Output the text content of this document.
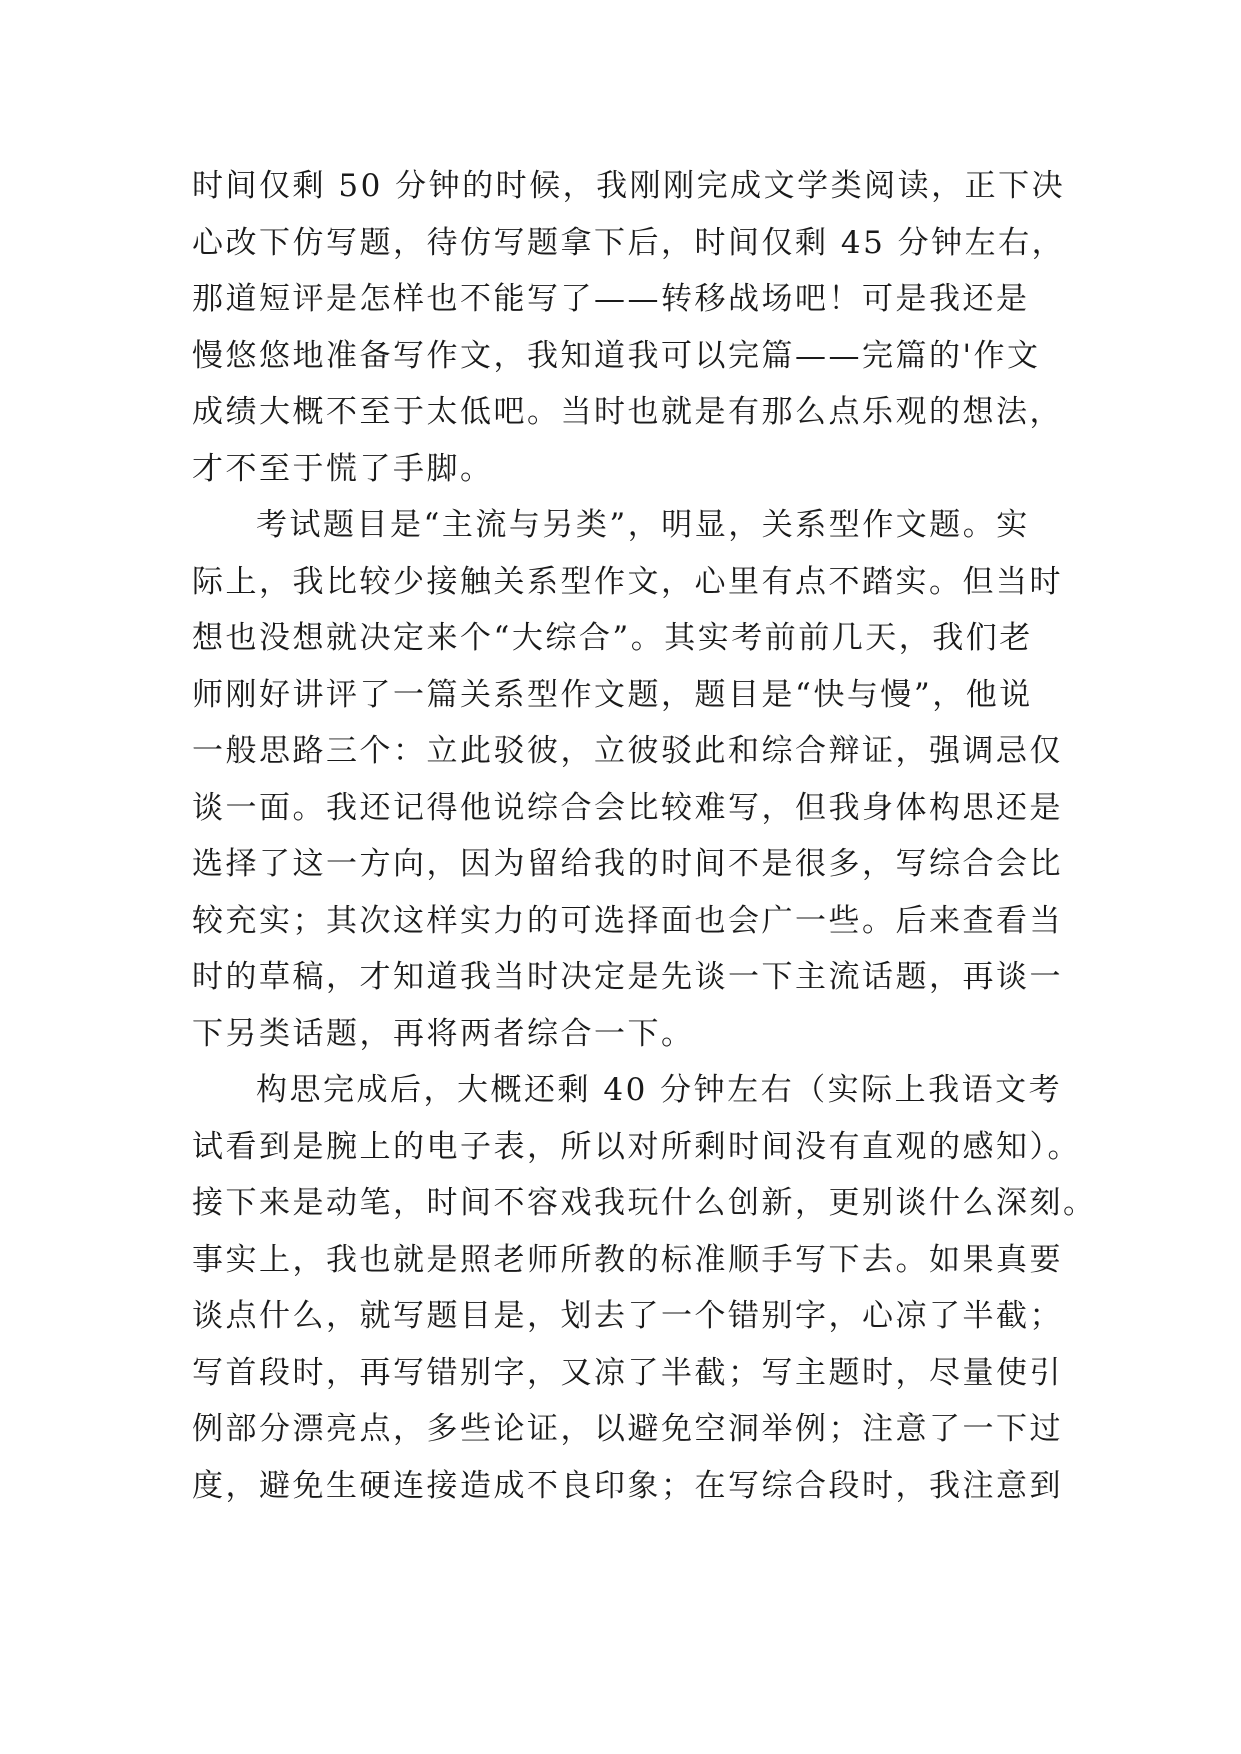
时间仅剩 50 分钟的时候，我刚刚完成文学类阅读，正下决
心改下仿写题，待仿写题拿下后，时间仅剩 45 分钟左右，
那道短评是怎样也不能写了——转移战场吧！可是我还是
慢悠悠地准备写作文，我知道我可以完篇——完篇的'作文
成绩大概不至于太低吧。当时也就是有那么点乐观的想法，
才不至于慌了手脚。
考试题目是“主流与另类”，明显，关系型作文题。实
际上，我比较少接触关系型作文，心里有点不踏实。但当时
想也没想就决定来个“大综合”。其实考前前几天，我们老
师刚好讲评了一篇关系型作文题，题目是“快与慢”，他说
一般思路三个：立此驳彼，立彼驳此和综合辩证，强调忌仅
谈一面。我还记得他说综合会比较难写，但我身体构思还是
选择了这一方向，因为留给我的时间不是很多，写综合会比
较充实；其次这样实力的可选择面也会广一些。后来查看当
时的草稿，才知道我当时决定是先谈一下主流话题，再谈一
下另类话题，再将两者综合一下。
构思完成后，大概还剩 40 分钟左右（实际上我语文考
试看到是腕上的电子表，所以对所剩时间没有直观的感知）。
接下来是动笔，时间不容戏我玩什么创新，更别谈什么深刻。
事实上，我也就是照老师所教的标准顺手写下去。如果真要
谈点什么，就写题目是，划去了一个错别字，心凉了半截；
写首段时，再写错别字，又凉了半截；写主题时，尽量使引
例部分漂亮点，多些论证，以避免空洞举例；注意了一下过
度，避免生硬连接造成不良印象；在写综合段时，我注意到
